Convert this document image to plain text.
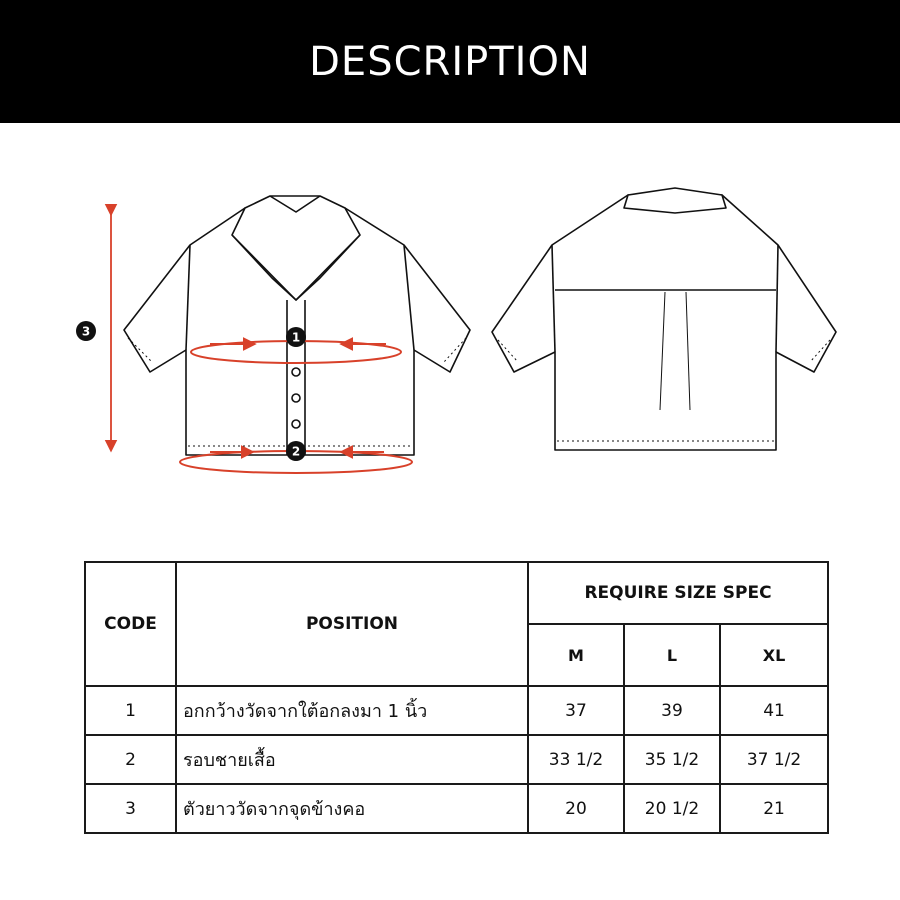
DESCRIPTION
1
2
3
CODE	POSITION	REQUIRE SIZE SPEC		
		M	L	XL
1	อกกว้างวัดจากใต้อกลงมา 1 นิ้ว	37	39	41
2	รอบชายเสื้อ	33 1/2	35 1/2	37 1/2
3	ตัวยาววัดจากจุดข้างคอ	20	20 1/2	21
